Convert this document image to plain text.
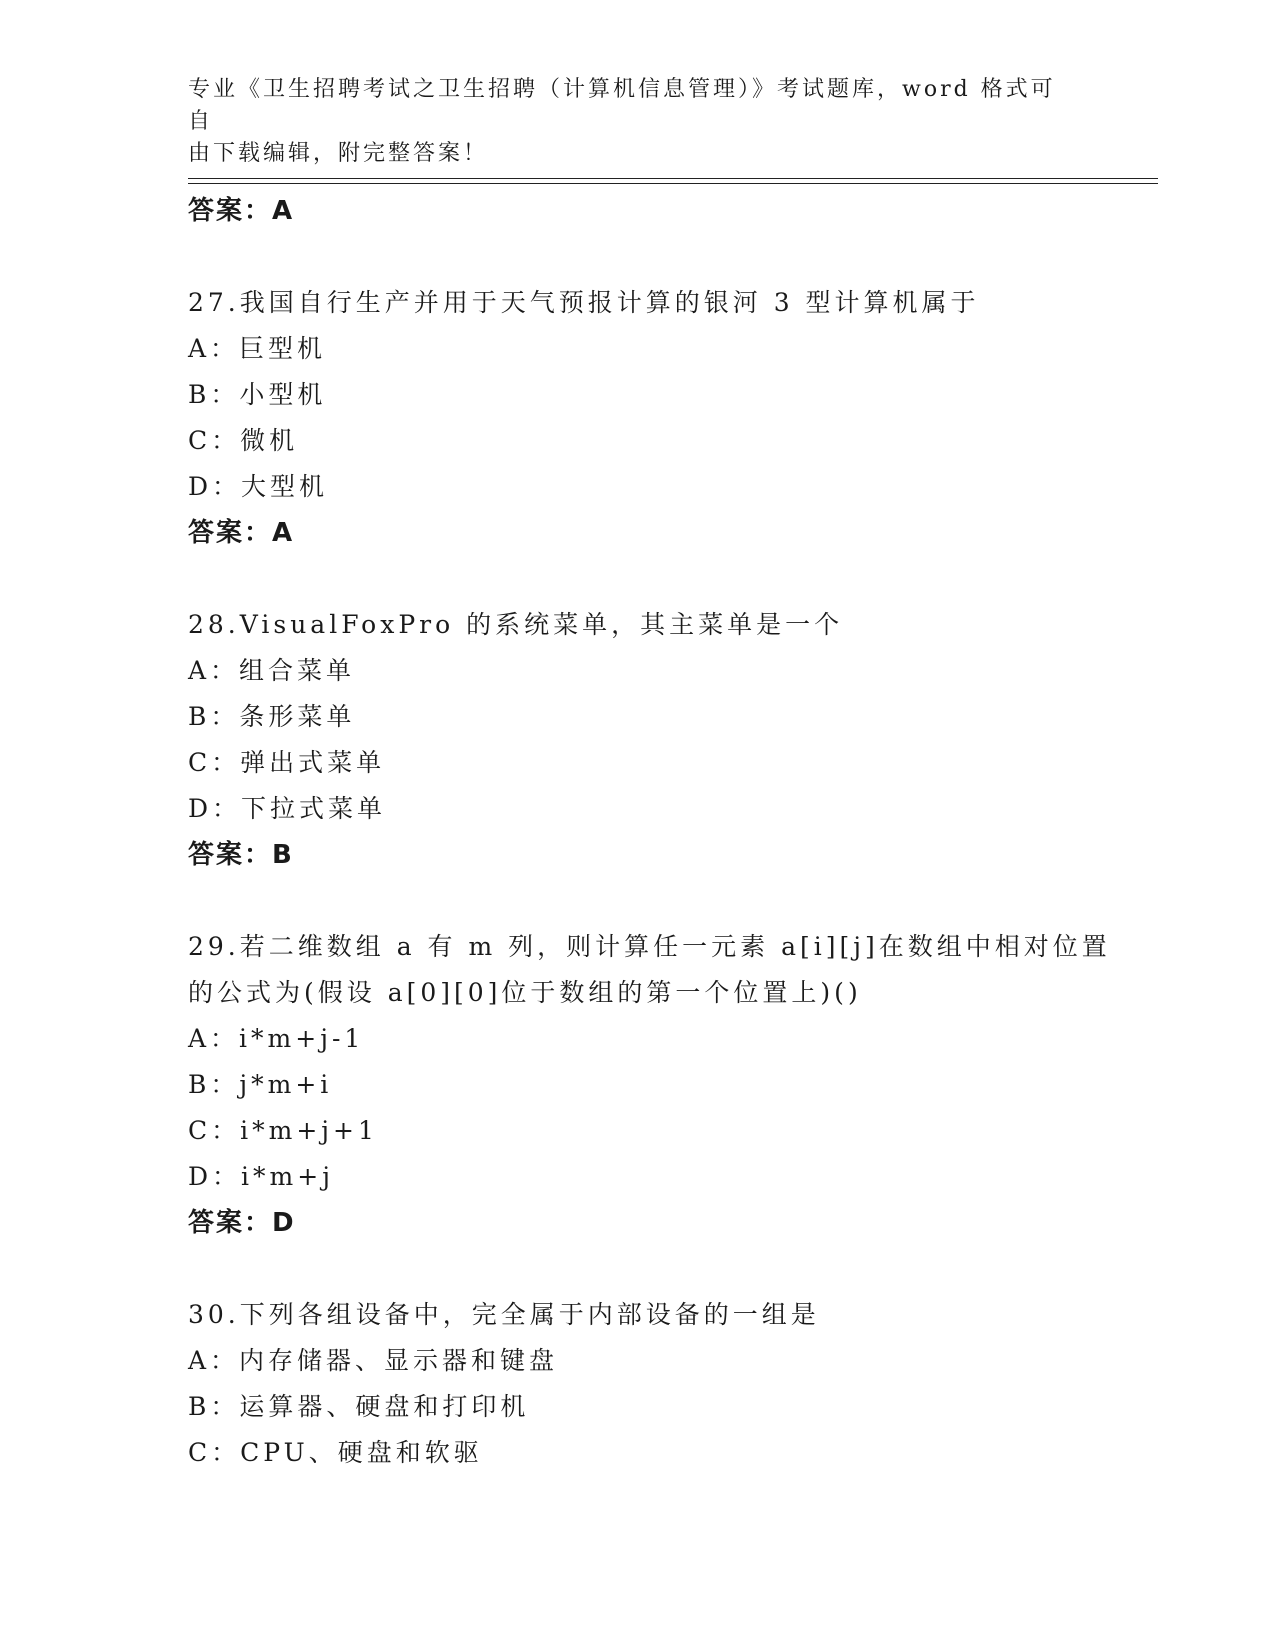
专业《卫生招聘考试之卫生招聘（计算机信息管理）》考试题库，word 格式可自
由下载编辑，附完整答案！
答案：A
27.我国自行生产并用于天气预报计算的银河 3 型计算机属于
A：巨型机
B：小型机
C：微机
D：大型机
答案：A
28.VisualFoxPro 的系统菜单，其主菜单是一个
A：组合菜单
B：条形菜单
C：弹出式菜单
D：下拉式菜单
答案：B
29.若二维数组 a 有 m 列，则计算任一元素 a[i][j]在数组中相对位置
的公式为(假设 a[0][0]位于数组的第一个位置上)()
A：i*m+j-1
B：j*m+i
C：i*m+j+1
D：i*m+j
答案：D
30.下列各组设备中，完全属于内部设备的一组是
A：内存储器、显示器和键盘
B：运算器、硬盘和打印机
C：CPU、硬盘和软驱
